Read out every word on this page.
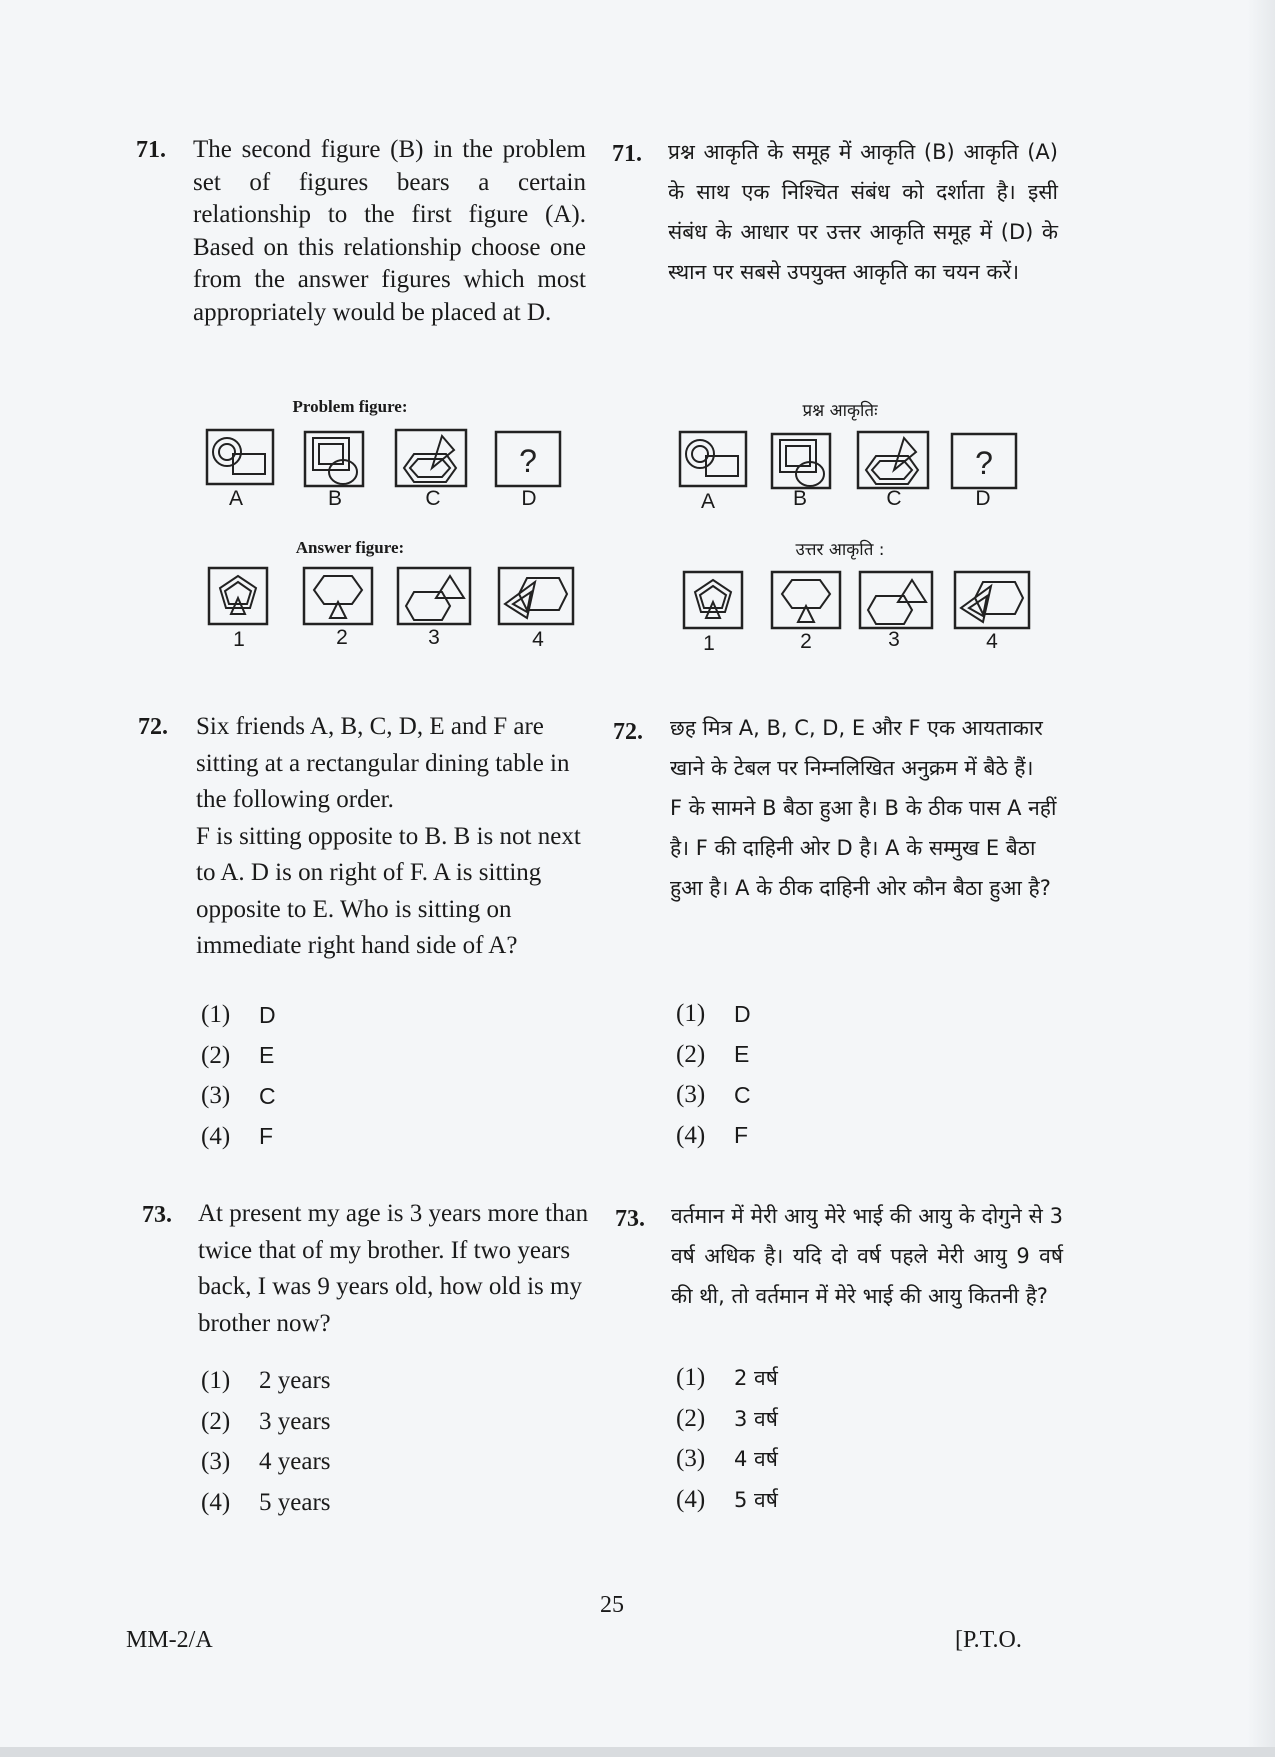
71. The second figure (B) in the problem set of figures bears a certain relationship to the first figure (A). Based on this relationship choose one from the answer figures which most appropriately would be placed at D.
Problem figure:
A	B	C
?
D
Answer figure:
1	2	3	4
71. प्रश्न आकृति के समूह में आकृति (B) आकृति (A) के साथ एक निश्चित संबंध को दर्शाता है। इसी संबंध के आधार पर उत्तर आकृति समूह में (D) के स्थान पर सबसे उपयुक्त आकृति का चयन करें।
प्रश्न आकृतिः
A	B	C
?
D
उत्तर आकृति :
1	2	3	4
72. Six friends A, B, C, D, E and F are sitting at a rectangular dining table in the following order.
F is sitting opposite to B. B is not next to A. D is on right of F. A is sitting opposite to E. Who is sitting on immediate right hand side of A?
(1)	D
(2)	E
(3)	C
(4)	F
72. छह मित्र A, B, C, D, E और F एक आयताकार खाने के टेबल पर निम्नलिखित अनुक्रम में बैठे हैं।
F के सामने B बैठा हुआ है। B के ठीक पास A नहीं है। F की दाहिनी ओर D है। A के सम्मुख E बैठा हुआ है। A के ठीक दाहिनी ओर कौन बैठा हुआ है?
(1)	D
(2)	E
(3)	C
(4)	F
73. At present my age is 3 years more than twice that of my brother. If two years back, I was 9 years old, how old is my brother now?
(1)	2 years
(2)	3 years
(3)	4 years
(4)	5 years
73. वर्तमान में मेरी आयु मेरे भाई की आयु के दोगुने से 3 वर्ष अधिक है। यदि दो वर्ष पहले मेरी आयु 9 वर्ष की थी, तो वर्तमान में मेरे भाई की आयु कितनी है?
(1)	2 वर्ष
(2)	3 वर्ष
(3)	4 वर्ष
(4)	5 वर्ष
25
MM-2/A	[P.T.O.
